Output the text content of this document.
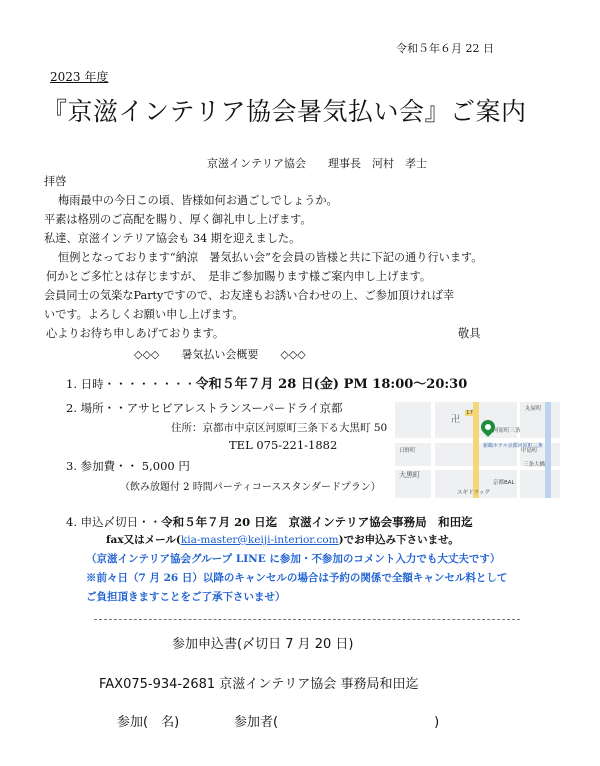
令和５年６月 22 日
2023 年度
『京滋インテリア協会暑気払い会』ご案内
京滋インテリア協会　　理事長　河村　孝士
拝啓
梅雨最中の今日この頃、皆様如何お過ごしでしょうか。
平素は格別のご高配を賜り、厚く御礼申し上げます。
私達、京滋インテリア協会も 34 期を迎えました。
恒例となっております“納涼　暑気払い会”を会員の皆様と共に下記の通り行います。
何かとご多忙とは存じますが、　是非ご参加賜ります様ご案内申し上げます。
会員同士の気楽なPartyですので、お友達もお誘い合わせの上、ご参加頂ければ幸
いです。よろしくお願い申し上げます。
心よりお待ち申しあげております。	敬具
◇◇◇　　暑気払い会概要　　◇◇◇
1. 日時・・・・・・・・令和５年７月 28 日(金) PM 18:00～20:30
2. 場所・・アサヒビアレストランスーパードライ京都
住所：京都市中京区河原町三条下る大黒町 50
TEL 075-221-1882
3. 参加費・・ 5,000 円
（飲み放題付 2 時間パーティコーススタンダードプラン）
丸屋町
河原町三条
中島町
三条大橋
日野町
大黒町
京都BAL
スギドラッグ
新鶴ホテル京都河原町三条
17
卍
4. 申込〆切日・・令和５年７月 20 日迄　京滋インテリア協会事務局　和田迄
fax又はメール(kia-master@keiji-interior.com)でお申込み下さいませ。
（京滋インテリア協会グループ LINE に参加・不参加のコメント入力でも大丈夫です）
※前々日（7 月 26 日）以降のキャンセルの場合は予約の関係で全額キャンセル料として
ご負担頂きますことをご了承下さいませ）
参加申込書(〆切日 7 月 20 日)
FAX075-934-2681 京滋インテリア協会 事務局和田迄
参加(　名)	参加者(　　　　　　　　　　　　)
